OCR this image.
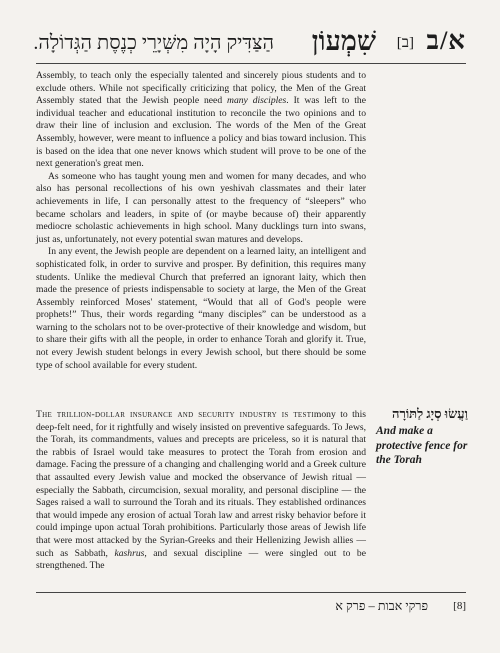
א/ב
[ב]
שִׁמְעוֹן
הַצַּדִּיק הָיָה מִשְּׁיָרֵי כְנֶסֶת הַגְּדוֹלָה.

Assembly, to teach only the especially talented and sincerely pious students and to exclude others. While not specifically criticizing that policy, the Men of the Great Assembly stated that the Jewish people need many disciples. It was left to the individual teacher and educational institution to reconcile the two opinions and to draw their line of inclusion and exclusion. The words of the Men of the Great Assembly, however, were meant to influence a policy and bias toward inclusion. This is based on the idea that one never knows which student will prove to be one of the next generation's great men.

As someone who has taught young men and women for many decades, and who also has personal recollections of his own yeshivah classmates and their later achievements in life, I can personally attest to the frequency of “sleepers” who became scholars and leaders, in spite of (or maybe because of) their apparently mediocre scholastic achievements in high school. Many ducklings turn into swans, just as, unfortunately, not every potential swan matures and develops.

In any event, the Jewish people are dependent on a learned laity, an intelligent and sophisticated folk, in order to survive and prosper. By definition, this requires many students. Unlike the medieval Church that preferred an ignorant laity, which then made the presence of priests indispensable to society at large, the Men of the Great Assembly reinforced Moses' statement, “Would that all of God's people were prophets!” Thus, their words regarding “many disciples” can be understood as a warning to the scholars not to be over-protective of their knowledge and wisdom, but to share their gifts with all the people, in order to enhance Torah and glorify it. True, not every Jewish student belongs in every Jewish school, but there should be some type of school available for every student.

The trillion-dollar insurance and security industry is testimony to this deep-felt need, for it rightfully and wisely insisted on preventive safeguards. To Jews, the Torah, its commandments, values and precepts are priceless, so it is natural that the rabbis of Israel would take measures to protect the Torah from erosion and damage. Facing the pressure of a changing and challenging world and a Greek culture that assaulted every Jewish value and mocked the observance of Jewish ritual — especially the Sabbath, circumcision, sexual morality, and personal discipline — the Sages raised a wall to surround the Torah and its rituals. They established ordinances that would impede any erosion of actual Torah law and arrest risky behavior before it could impinge upon actual Torah prohibitions. Particularly those areas of Jewish life that were most attacked by the Syrian-Greeks and their Hellenizing Jewish allies — such as Sabbath, kashrus, and sexual discipline — were singled out to be strengthened. The

וַעֲשׂוּ סְיָג לַתּוֹרָה

And make a protective fence for the Torah

פרקי אבות – פרק א [8]
